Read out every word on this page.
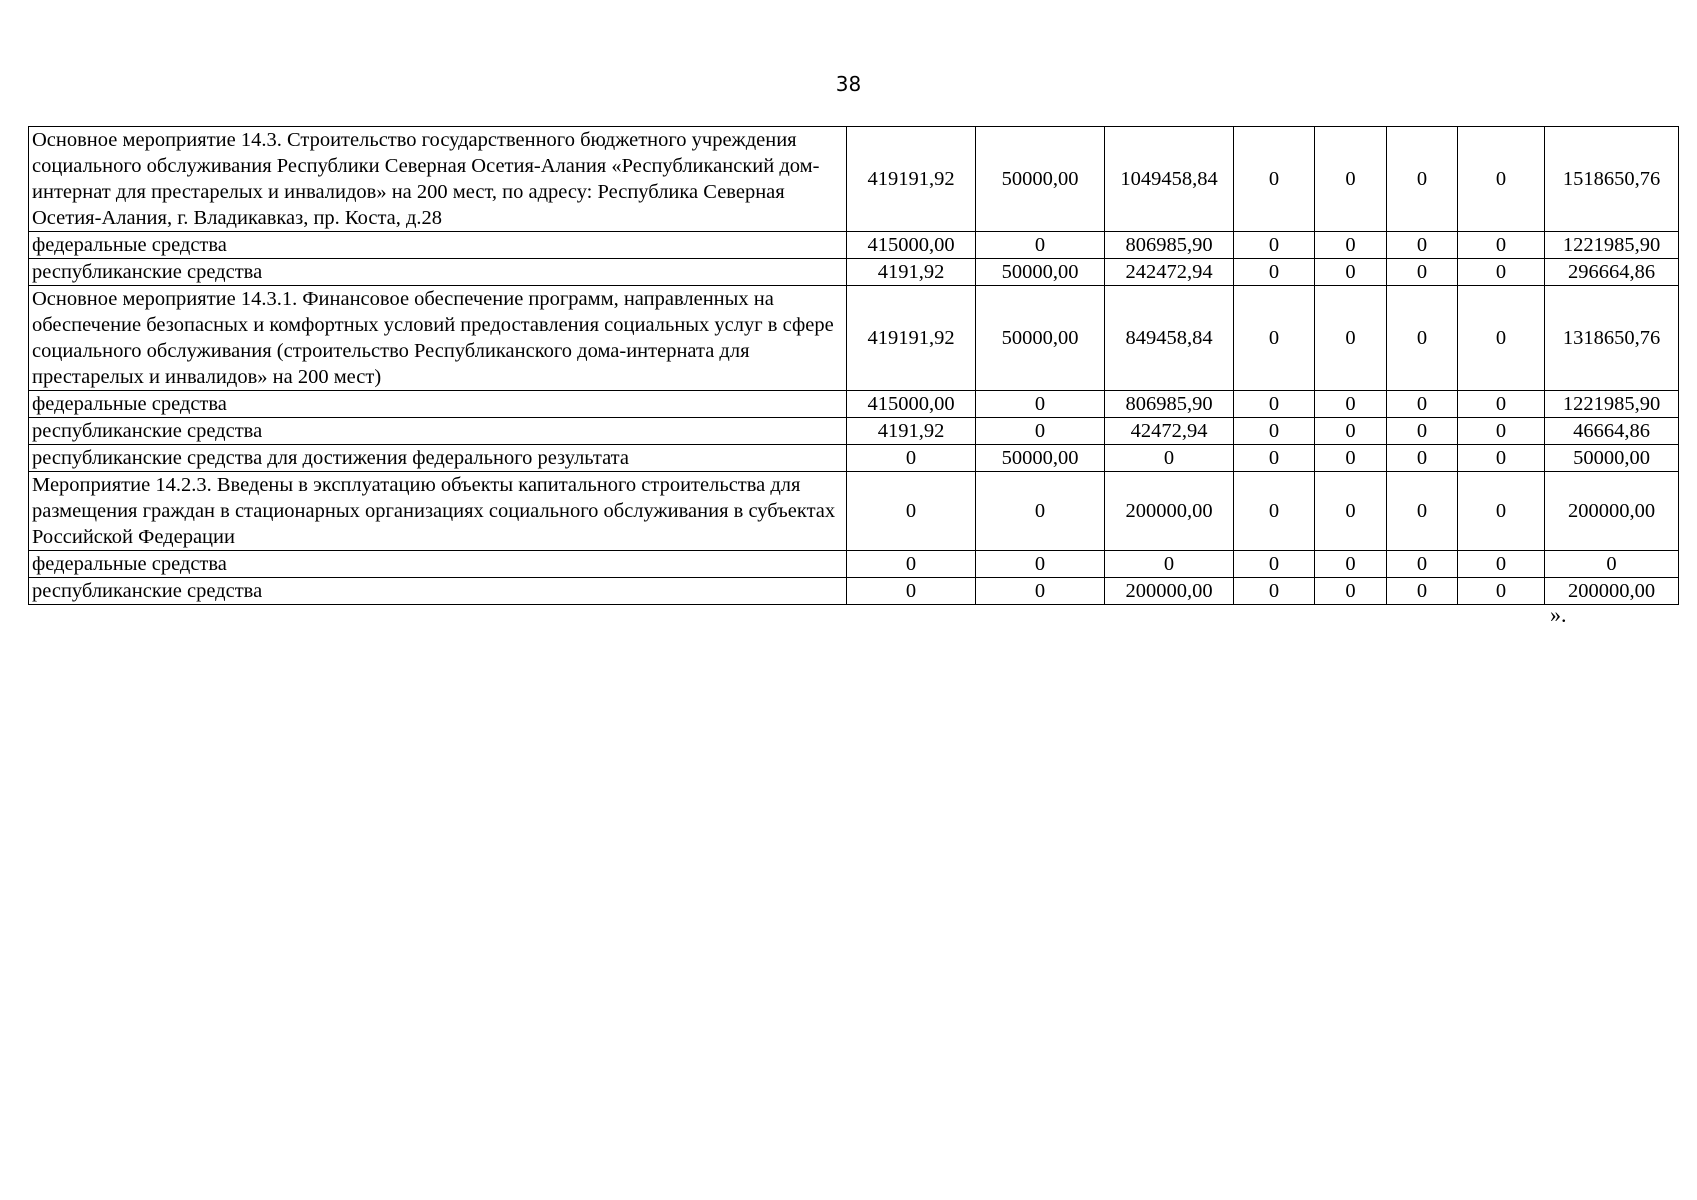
38
Основное мероприятие 14.3. Строительство государственного бюджетного учреждения социального обслуживания Республики Северная Осетия-Алания «Республиканский дом-интернат для престарелых и инвалидов» на 200 мест, по адресу: Республика Северная Осетия-Алания, г. Владикавказ, пр. Коста, д.28	419191,92	50000,00	1049458,84	0	0	0	0	1518650,76
федеральные средства	415000,00	0	806985,90	0	0	0	0	1221985,90
республиканские средства	4191,92	50000,00	242472,94	0	0	0	0	296664,86
Основное мероприятие 14.3.1. Финансовое обеспечение программ, направленных на обеспечение безопасных и комфортных условий предоставления социальных услуг в сфере социального обслуживания (строительство Республиканского дома-интерната для престарелых и инвалидов» на 200 мест)	419191,92	50000,00	849458,84	0	0	0	0	1318650,76
федеральные средства	415000,00	0	806985,90	0	0	0	0	1221985,90
республиканские средства	4191,92	0	42472,94	0	0	0	0	46664,86
республиканские средства для достижения федерального результата	0	50000,00	0	0	0	0	0	50000,00
Мероприятие 14.2.3. Введены в эксплуатацию объекты капитального строительства для размещения граждан в стационарных организациях социального обслуживания в субъектах Российской Федерации	0	0	200000,00	0	0	0	0	200000,00
федеральные средства	0	0	0	0	0	0	0	0
республиканские средства	0	0	200000,00	0	0	0	0	200000,00
».
